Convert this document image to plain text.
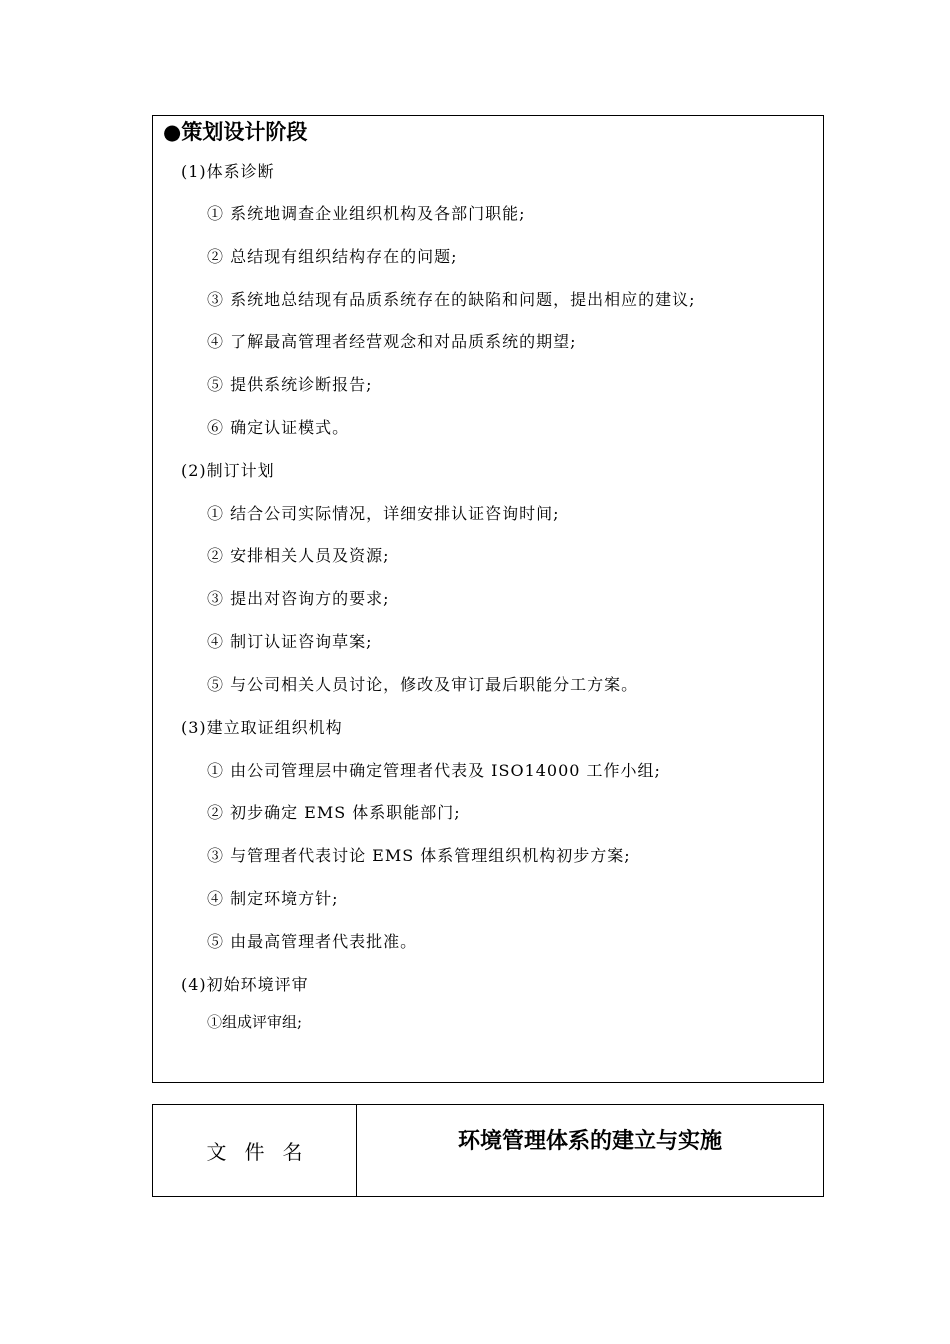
●策划设计阶段
(1)体系诊断
① 系统地调查企业组织机构及各部门职能;
② 总结现有组织结构存在的问题;
③ 系统地总结现有品质系统存在的缺陷和问题，提出相应的建议;
④ 了解最高管理者经营观念和对品质系统的期望;
⑤ 提供系统诊断报告;
⑥ 确定认证模式。
(2)制订计划
① 结合公司实际情况，详细安排认证咨询时间;
② 安排相关人员及资源;
③ 提出对咨询方的要求;
④ 制订认证咨询草案;
⑤ 与公司相关人员讨论，修改及审订最后职能分工方案。
(3)建立取证组织机构
① 由公司管理层中确定管理者代表及 ISO14000 工作小组;
② 初步确定 EMS 体系职能部门;
③ 与管理者代表讨论 EMS 体系管理组织机构初步方案;
④ 制定环境方针;
⑤ 由最高管理者代表批准。
(4)初始环境评审
①组成评审组;
文件名	环境管理体系的建立与实施
